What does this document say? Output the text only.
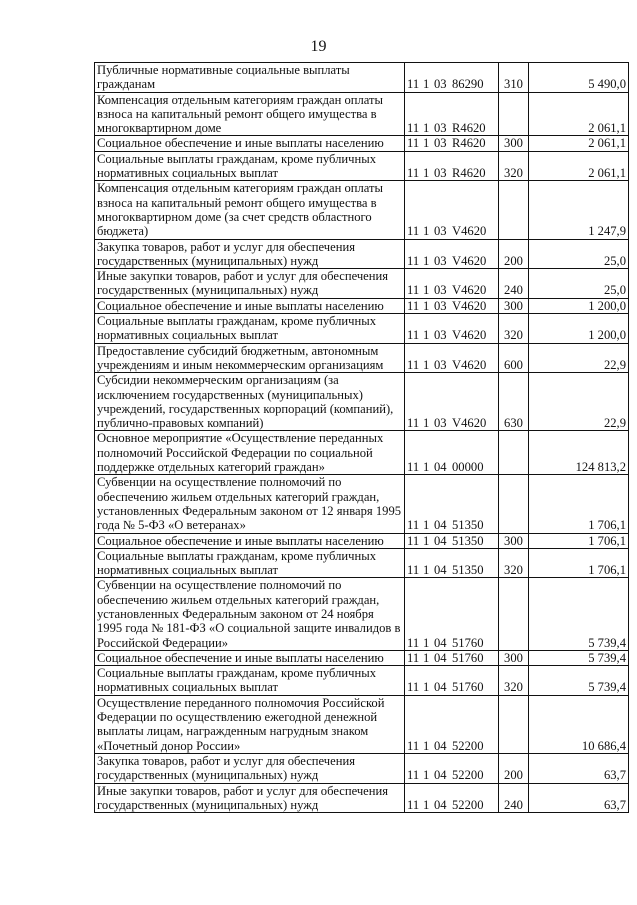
19
Публичные нормативные социальные выплаты гражданам	11 1 03 86290	310	5 490,0
Компенсация отдельным категориям граждан оплаты взноса на капитальный ремонт общего имущества в многоквартирном доме	11 1 03 R4620		2 061,1
Социальное обеспечение и иные выплаты населению	11 1 03 R4620	300	2 061,1
Социальные выплаты гражданам, кроме публичных нормативных социальных выплат	11 1 03 R4620	320	2 061,1
Компенсация отдельным категориям граждан оплаты взноса на капитальный ремонт общего имущества в многоквартирном доме (за счет средств областного бюджета)	11 1 03 V4620		1 247,9
Закупка товаров, работ и услуг для обеспечения государственных (муниципальных) нужд	11 1 03 V4620	200	25,0
Иные закупки товаров, работ и услуг для обеспечения государственных (муниципальных) нужд	11 1 03 V4620	240	25,0
Социальное обеспечение и иные выплаты населению	11 1 03 V4620	300	1 200,0
Социальные выплаты гражданам, кроме публичных нормативных социальных выплат	11 1 03 V4620	320	1 200,0
Предоставление субсидий бюджетным, автономным учреждениям и иным некоммерческим организациям	11 1 03 V4620	600	22,9
Субсидии некоммерческим организациям (за исключением государственных (муниципальных) учреждений, государственных корпораций (компаний), публично-правовых компаний)	11 1 03 V4620	630	22,9
Основное мероприятие «Осуществление переданных полномочий Российской Федерации по социальной поддержке отдельных категорий граждан»	11 1 04 00000		124 813,2
Субвенции на осуществление полномочий по обеспечению жильем отдельных категорий граждан, установленных Федеральным законом от 12 января 1995 года № 5-ФЗ «О ветеранах»	11 1 04 51350		1 706,1
Социальное обеспечение и иные выплаты населению	11 1 04 51350	300	1 706,1
Социальные выплаты гражданам, кроме публичных нормативных социальных выплат	11 1 04 51350	320	1 706,1
Субвенции на осуществление полномочий по обеспечению жильем отдельных категорий граждан, установленных Федеральным законом от 24 ноября 1995 года № 181-ФЗ «О социальной защите инвалидов в Российской Федерации»	11 1 04 51760		5 739,4
Социальное обеспечение и иные выплаты населению	11 1 04 51760	300	5 739,4
Социальные выплаты гражданам, кроме публичных нормативных социальных выплат	11 1 04 51760	320	5 739,4
Осуществление переданного полномочия Российской Федерации по осуществлению ежегодной денежной выплаты лицам, награжденным нагрудным знаком «Почетный донор России»	11 1 04 52200		10 686,4
Закупка товаров, работ и услуг для обеспечения государственных (муниципальных) нужд	11 1 04 52200	200	63,7
Иные закупки товаров, работ и услуг для обеспечения государственных (муниципальных) нужд	11 1 04 52200	240	63,7
